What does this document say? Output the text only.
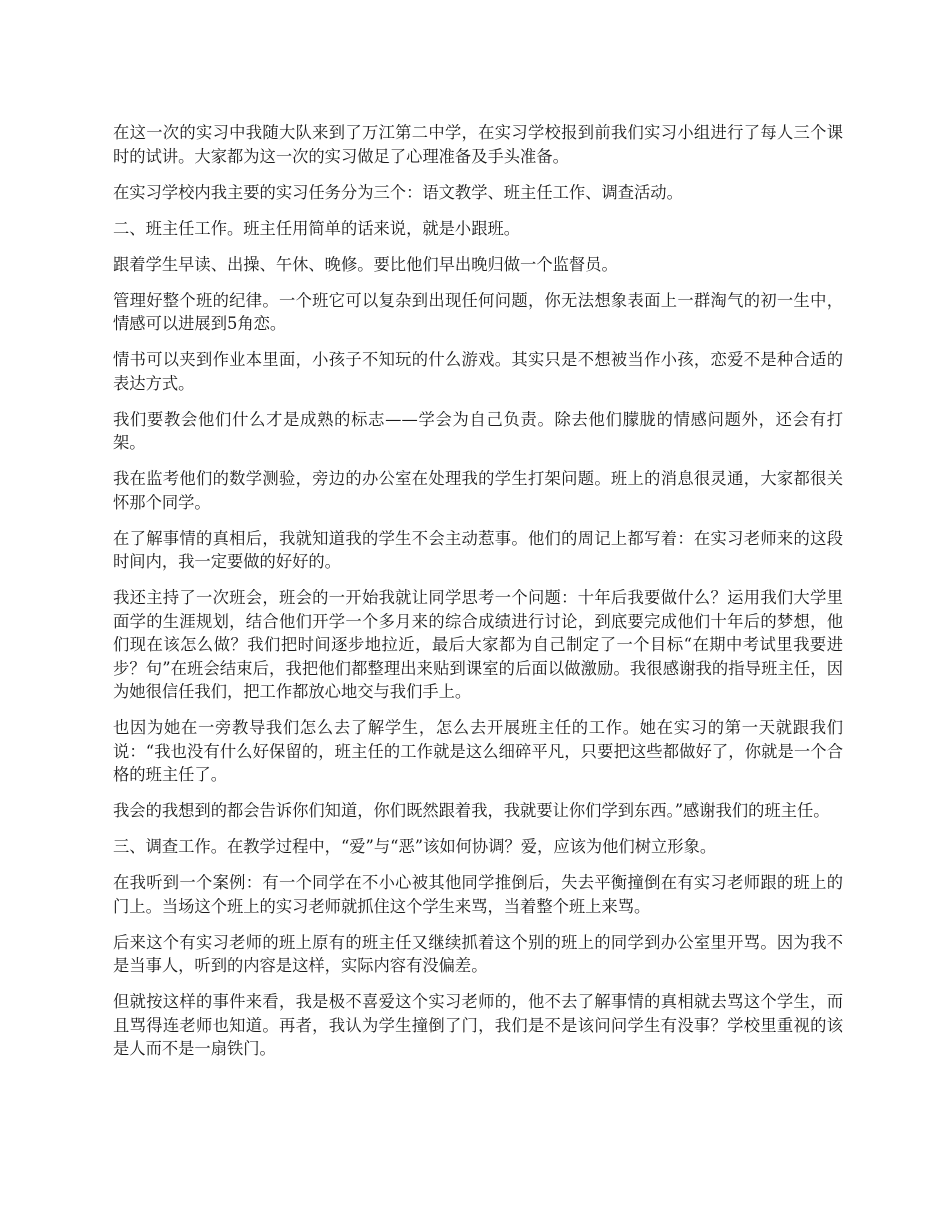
在这一次的实习中我随大队来到了万江第二中学，在实习学校报到前我们实习小组进行了每人三个课时的试讲。大家都为这一次的实习做足了心理准备及手头准备。

在实习学校内我主要的实习任务分为三个：语文教学、班主任工作、调查活动。

二、班主任工作。班主任用简单的话来说，就是小跟班。

跟着学生早读、出操、午休、晚修。要比他们早出晚归做一个监督员。

管理好整个班的纪律。一个班它可以复杂到出现任何问题，你无法想象表面上一群淘气的初一生中，情感可以进展到5角恋。

情书可以夹到作业本里面，小孩子不知玩的什么游戏。其实只是不想被当作小孩，恋爱不是种合适的表达方式。

我们要教会他们什么才是成熟的标志——学会为自己负责。除去他们朦胧的情感问题外，还会有打架。

我在监考他们的数学测验，旁边的办公室在处理我的学生打架问题。班上的消息很灵通，大家都很关怀那个同学。

在了解事情的真相后，我就知道我的学生不会主动惹事。他们的周记上都写着：在实习老师来的这段时间内，我一定要做的好好的。

我还主持了一次班会，班会的一开始我就让同学思考一个问题：十年后我要做什么？运用我们大学里面学的生涯规划，结合他们开学一个多月来的综合成绩进行讨论，到底要完成他们十年后的梦想，他们现在该怎么做？我们把时间逐步地拉近，最后大家都为自己制定了一个目标“在期中考试里我要进步？句”在班会结束后，我把他们都整理出来贴到课室的后面以做激励。我很感谢我的指导班主任，因为她很信任我们，把工作都放心地交与我们手上。

也因为她在一旁教导我们怎么去了解学生，怎么去开展班主任的工作。她在实习的第一天就跟我们说：“我也没有什么好保留的，班主任的工作就是这么细碎平凡，只要把这些都做好了，你就是一个合格的班主任了。

我会的我想到的都会告诉你们知道，你们既然跟着我，我就要让你们学到东西。”感谢我们的班主任。

三、调查工作。在教学过程中，“爱”与“恶”该如何协调？爱，应该为他们树立形象。

在我听到一个案例：有一个同学在不小心被其他同学推倒后，失去平衡撞倒在有实习老师跟的班上的门上。当场这个班上的实习老师就抓住这个学生来骂，当着整个班上来骂。

后来这个有实习老师的班上原有的班主任又继续抓着这个别的班上的同学到办公室里开骂。因为我不是当事人，听到的内容是这样，实际内容有没偏差。

但就按这样的事件来看，我是极不喜爱这个实习老师的，他不去了解事情的真相就去骂这个学生，而且骂得连老师也知道。再者，我认为学生撞倒了门，我们是不是该问问学生有没事？学校里重视的该是人而不是一扇铁门。
